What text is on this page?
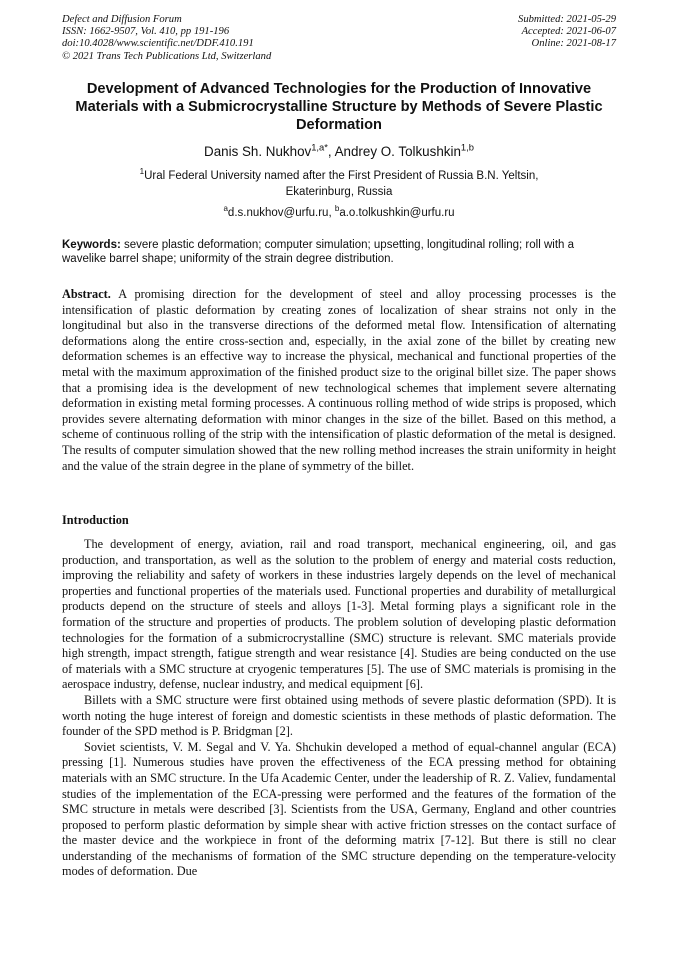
Defect and Diffusion Forum
ISSN: 1662-9507, Vol. 410, pp 191-196
doi:10.4028/www.scientific.net/DDF.410.191
© 2021 Trans Tech Publications Ltd, Switzerland
Submitted: 2021-05-29
Accepted: 2021-06-07
Online: 2021-08-17
Development of Advanced Technologies for the Production of Innovative Materials with a Submicrocrystalline Structure by Methods of Severe Plastic Deformation
Danis Sh. Nukhov$^{1,a*}$, Andrey O. Tolkushkin$^{1,b}$
$^1$Ural Federal University named after the First President of Russia B.N. Yeltsin, Ekaterinburg, Russia
$^a$d.s.nukhov@urfu.ru, $^b$a.o.tolkushkin@urfu.ru
Keywords: severe plastic deformation; computer simulation; upsetting, longitudinal rolling; roll with a wavelike barrel shape; uniformity of the strain degree distribution.

Abstract. A promising direction for the development of steel and alloy processing processes is the intensification of plastic deformation by creating zones of localization of shear strains not only in the longitudinal but also in the transverse directions of the deformed metal flow. Intensification of alternating deformations along the entire cross-section and, especially, in the axial zone of the billet by creating new deformation schemes is an effective way to increase the physical, mechanical and functional properties of the metal with the maximum approximation of the finished product size to the original billet size. The paper shows that a promising idea is the development of new technological schemes that implement severe alternating deformation in existing metal forming processes. A continuous rolling method of wide strips is proposed, which provides severe alternating deformation with minor changes in the size of the billet. Based on this method, a scheme of continuous rolling of the strip with the intensification of plastic deformation of the metal is designed. The results of computer simulation showed that the new rolling method increases the strain uniformity in height and the value of the strain degree in the plane of symmetry of the billet.

Introduction

The development of energy, aviation, rail and road transport, mechanical engineering, oil, and gas production, and transportation, as well as the solution to the problem of energy and material costs reduction, improving the reliability and safety of workers in these industries largely depends on the level of mechanical properties and functional properties of the materials used. Functional properties and durability of metallurgical products depend on the structure of steels and alloys [1-3]. Metal forming plays a significant role in the formation of the structure and properties of products. The problem solution of developing plastic deformation technologies for the formation of a submicrocrystalline (SMC) structure is relevant. SMC materials provide high strength, impact strength, fatigue strength and wear resistance [4]. Studies are being conducted on the use of materials with a SMC structure at cryogenic temperatures [5]. The use of SMC materials is promising in the aerospace industry, defense, nuclear industry, and medical equipment [6].

Billets with a SMC structure were first obtained using methods of severe plastic deformation (SPD). It is worth noting the huge interest of foreign and domestic scientists in these methods of plastic deformation. The founder of the SPD method is P. Bridgman [2].

Soviet scientists, V. M. Segal and V. Ya. Shchukin developed a method of equal-channel angular (ECA) pressing [1]. Numerous studies have proven the effectiveness of the ECA pressing method for obtaining materials with an SMC structure. In the Ufa Academic Center, under the leadership of R. Z. Valiev, fundamental studies of the implementation of the ECA-pressing were performed and the features of the formation of the SMC structure in metals were described [3]. Scientists from the USA, Germany, England and other countries proposed to perform plastic deformation by simple shear with active friction stresses on the contact surface of the master device and the workpiece in front of the deforming matrix [7-12]. But there is still no clear understanding of the mechanisms of formation of the SMC structure depending on the temperature-velocity modes of deformation. Due
